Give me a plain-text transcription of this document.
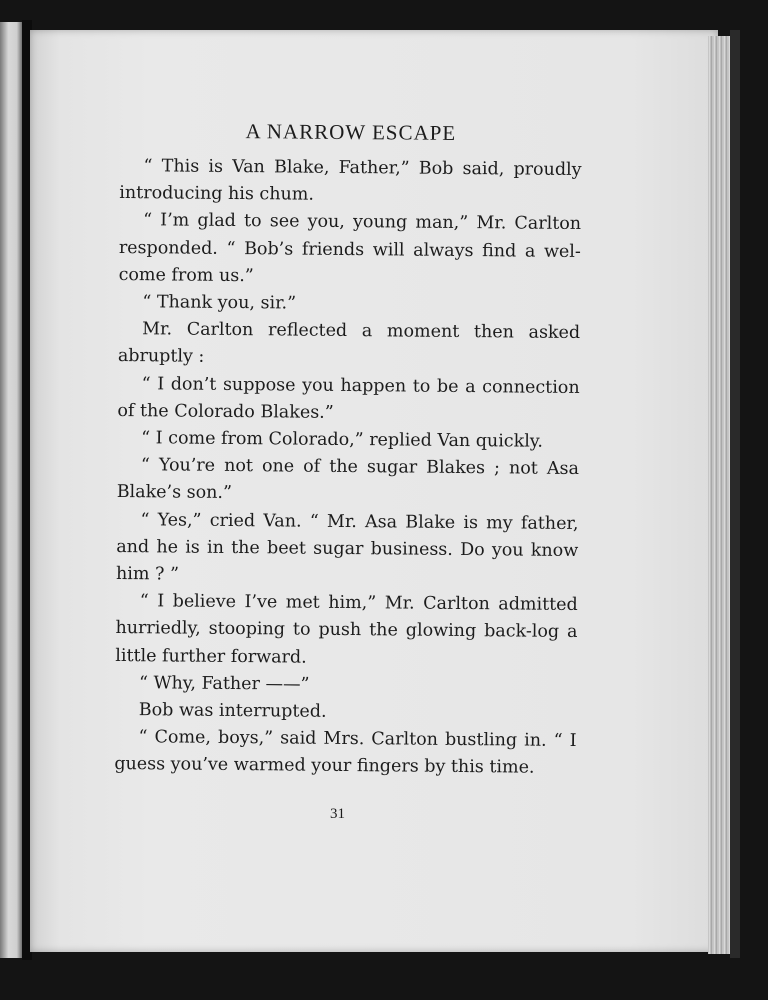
A NARROW ESCAPE

“ This is Van Blake, Father,” Bob said, proudly introducing his chum.

“ I’m glad to see you, young man,” Mr. Carlton responded. “ Bob’s friends will always find a wel-come from us.”

“ Thank you, sir.”

Mr. Carlton reflected a moment then asked abruptly :

“ I don’t suppose you happen to be a connection of the Colorado Blakes.”

“ I come from Colorado,” replied Van quickly.

“ You’re not one of the sugar Blakes ; not Asa Blake’s son.”

“ Yes,” cried Van. “ Mr. Asa Blake is my father, and he is in the beet sugar business. Do you know him ? ”

“ I believe I’ve met him,” Mr. Carlton admitted hurriedly, stooping to push the glowing back-log a little further forward.

“ Why, Father ——”

Bob was interrupted.

“ Come, boys,” said Mrs. Carlton bustling in. “ I guess you’ve warmed your fingers by this time.

31
